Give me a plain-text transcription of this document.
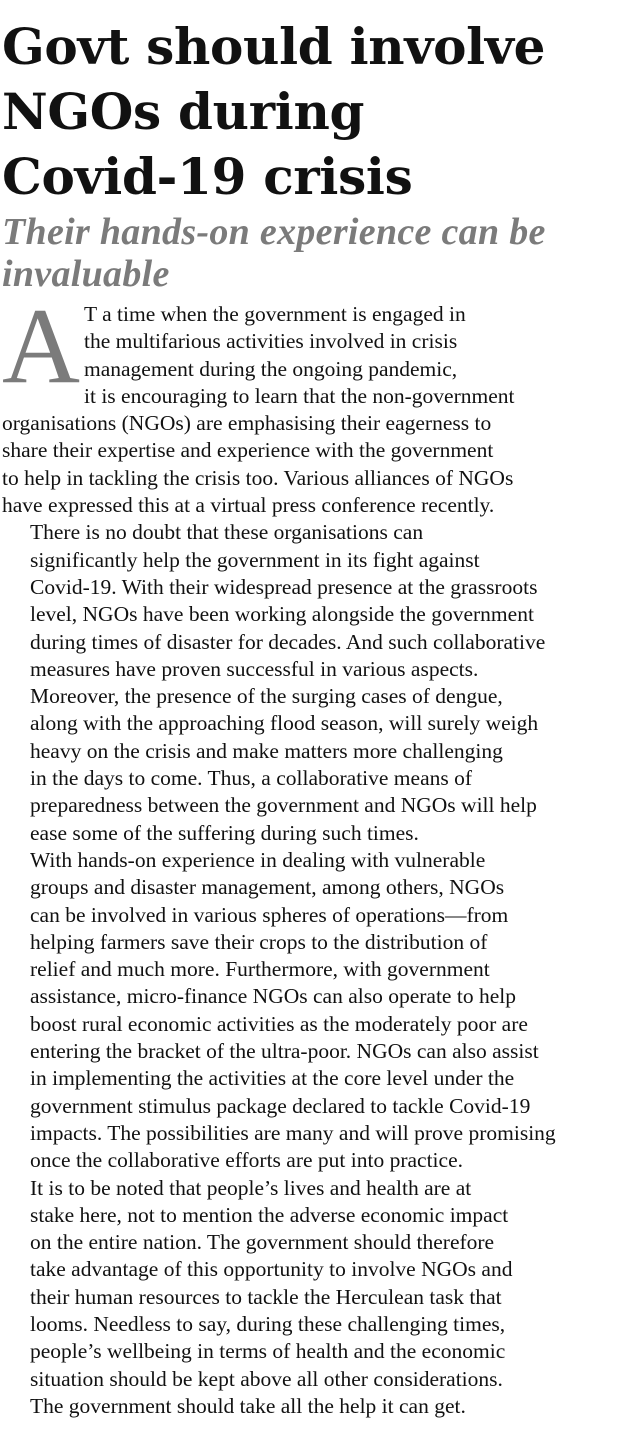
Govt should involve
NGOs during
Covid-19 crisis
Their hands-on experience can be
invaluable

A T a time when the government is engaged in
the multifarious activities involved in crisis
management during the ongoing pandemic,
it is encouraging to learn that the non-government
organisations (NGOs) are emphasising their eagerness to
share their expertise and experience with the government
to help in tackling the crisis too. Various alliances of NGOs
have expressed this at a virtual press conference recently.

There is no doubt that these organisations can
significantly help the government in its fight against
Covid-19. With their widespread presence at the grassroots
level, NGOs have been working alongside the government
during times of disaster for decades. And such collaborative
measures have proven successful in various aspects.
Moreover, the presence of the surging cases of dengue,
along with the approaching flood season, will surely weigh
heavy on the crisis and make matters more challenging
in the days to come. Thus, a collaborative means of
preparedness between the government and NGOs will help
ease some of the suffering during such times.

With hands-on experience in dealing with vulnerable
groups and disaster management, among others, NGOs
can be involved in various spheres of operations—from
helping farmers save their crops to the distribution of
relief and much more. Furthermore, with government
assistance, micro-finance NGOs can also operate to help
boost rural economic activities as the moderately poor are
entering the bracket of the ultra-poor. NGOs can also assist
in implementing the activities at the core level under the
government stimulus package declared to tackle Covid-19
impacts. The possibilities are many and will prove promising
once the collaborative efforts are put into practice.

It is to be noted that people’s lives and health are at
stake here, not to mention the adverse economic impact
on the entire nation. The government should therefore
take advantage of this opportunity to involve NGOs and
their human resources to tackle the Herculean task that
looms. Needless to say, during these challenging times,
people’s wellbeing in terms of health and the economic
situation should be kept above all other considerations.
The government should take all the help it can get.
